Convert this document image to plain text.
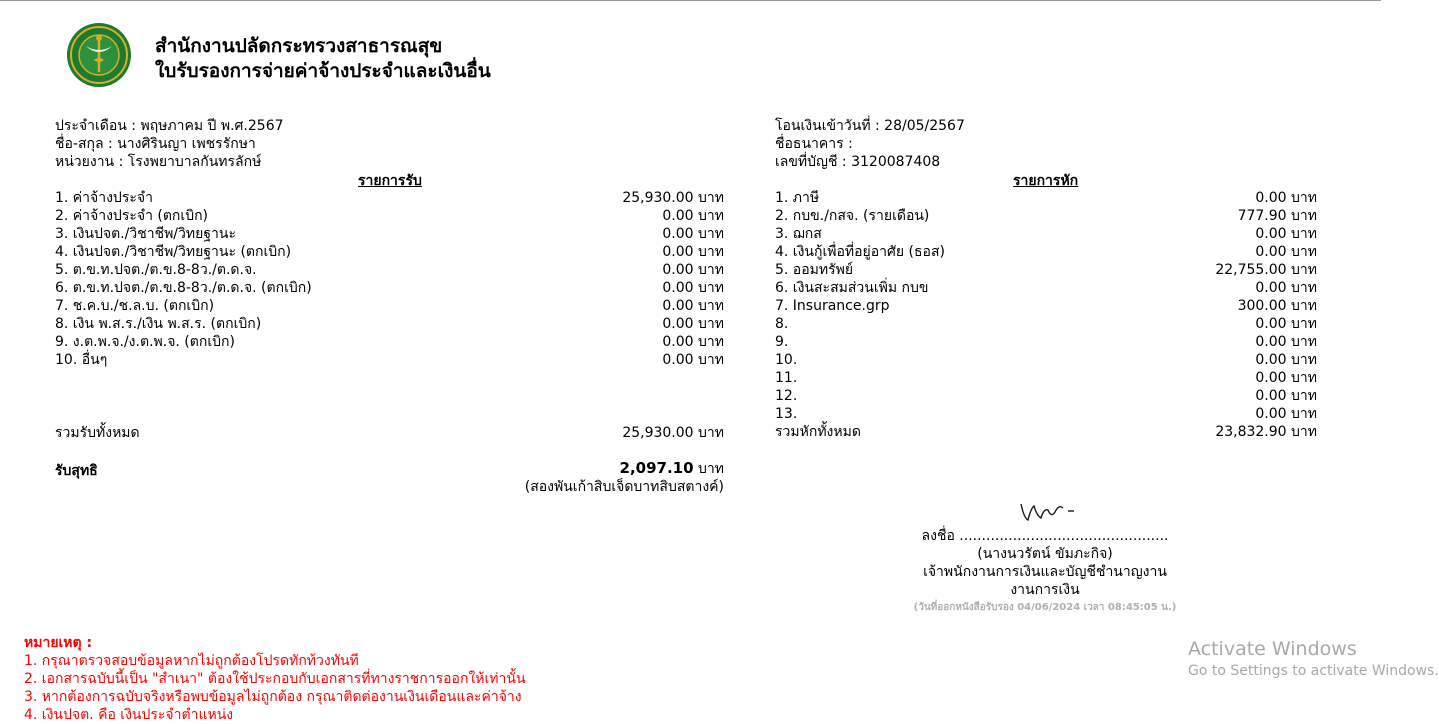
สำนักงานปลัดกระทรวงสาธารณสุข
ใบรับรองการจ่ายค่าจ้างประจำและเงินอื่น
ประจำเดือน : พฤษภาคม ปี พ.ศ.2567
ชื่อ-สกุล : นางศิรินญา เพชรรักษา
หน่วยงาน : โรงพยาบาลกันทรลักษ์
โอนเงินเข้าวันที่ : 28/05/2567
ชื่อธนาคาร :
เลขที่บัญชี : 3120087408
รายการรับ	รายการหัก
1. ค่าจ้างประจำ	25,930.00 บาท
2. ค่าจ้างประจำ (ตกเบิก)	0.00 บาท
3. เงินปจต./วิชาชีพ/วิทยฐานะ	0.00 บาท
4. เงินปจต./วิชาชีพ/วิทยฐานะ (ตกเบิก)	0.00 บาท
5. ต.ข.ท.ปจต./ต.ข.8-8ว./ต.ด.จ.	0.00 บาท
6. ต.ข.ท.ปจต./ต.ข.8-8ว./ต.ด.จ. (ตกเบิก)	0.00 บาท
7. ช.ค.บ./ช.ล.บ. (ตกเบิก)	0.00 บาท
8. เงิน พ.ส.ร./เงิน พ.ส.ร. (ตกเบิก)	0.00 บาท
9. ง.ต.พ.จ./ง.ต.พ.จ. (ตกเบิก)	0.00 บาท
10. อื่นๆ	0.00 บาท
รวมรับทั้งหมด	25,930.00 บาท
1. ภาษี	0.00 บาท
2. กบข./กสจ. (รายเดือน)	777.90 บาท
3. ฌกส	0.00 บาท
4. เงินกู้เพื่อที่อยู่อาศัย (ธอส)	0.00 บาท
5. ออมทรัพย์	22,755.00 บาท
6. เงินสะสมส่วนเพิ่ม กบข	0.00 บาท
7. Insurance.grp	300.00 บาท
8.	0.00 บาท
9.	0.00 บาท
10.	0.00 บาท
11.	0.00 บาท
12.	0.00 บาท
13.	0.00 บาท
รวมหักทั้งหมด	23,832.90 บาท
รับสุทธิ	2,097.10 บาท
(สองพันเก้าสิบเจ็ดบาทสิบสตางค์)
ลงชื่อ ...............................................
(นางนวรัตน์ ขัมภะกิจ)
เจ้าพนักงานการเงินและบัญชีชำนาญงาน
งานการเงิน
(วันที่ออกหนังสือรับรอง 04/06/2024 เวลา 08:45:05 น.)
หมายเหตุ :
1. กรุณาตรวจสอบข้อมูลหากไม่ถูกต้องโปรดทักท้วงทันที
2. เอกสารฉบับนี้เป็น "สำเนา" ต้องใช้ประกอบกับเอกสารที่ทางราชการออกให้เท่านั้น
3. หากต้องการฉบับจริงหรือพบข้อมูลไม่ถูกต้อง กรุณาติดต่องานเงินเดือนและค่าจ้าง
4. เงินปจต. คือ เงินประจำตำแหน่ง
Activate Windows
Go to Settings to activate Windows.
